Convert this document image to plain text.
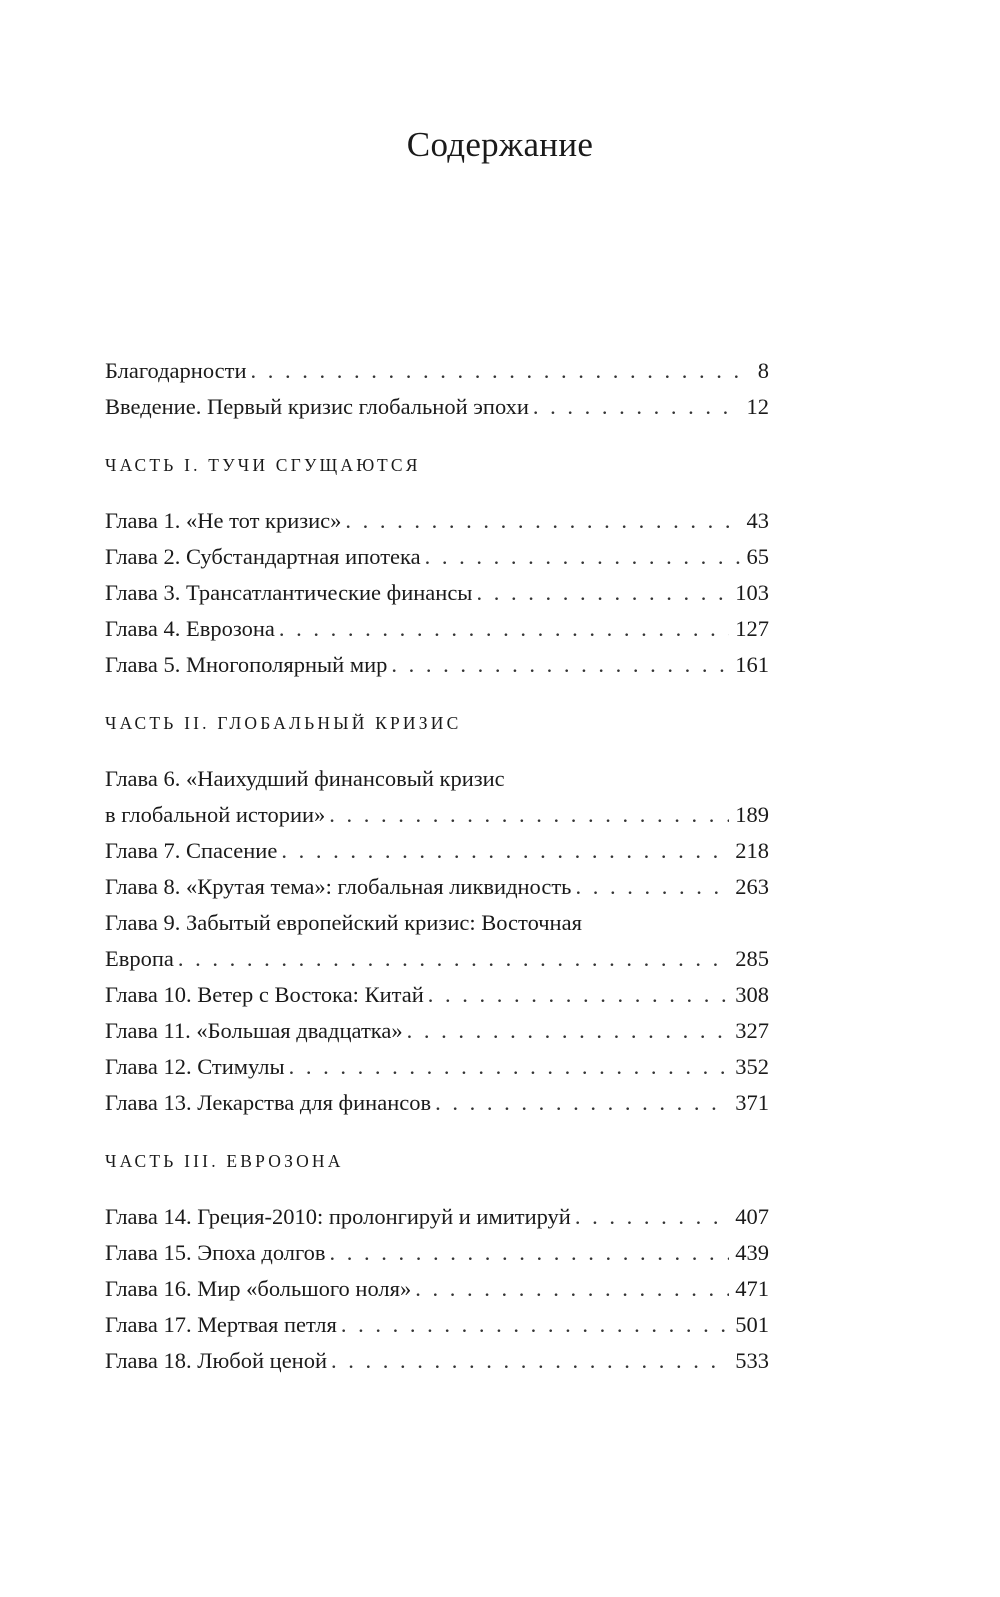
Содержание
Благодарности . . .	8
Введение. Первый кризис глобальной эпохи . . .	12
ЧАСТЬ I. ТУЧИ СГУЩАЮТСЯ
Глава 1. «Не тот кризис» . . .	43
Глава 2. Субстандартная ипотека . . .	65
Глава 3. Трансатлантические финансы . . .	103
Глава 4. Еврозона . . .	127
Глава 5. Многополярный мир . . .	161
ЧАСТЬ II. ГЛОБАЛЬНЫЙ КРИЗИС
Глава 6. «Наихудший финансовый кризис
в глобальной истории» . . .	189
Глава 7. Спасение . . .	218
Глава 8. «Крутая тема»: глобальная ликвидность . . .	263
Глава 9. Забытый европейский кризис: Восточная
Европа . . .	285
Глава 10. Ветер с Востока: Китай . . .	308
Глава 11. «Большая двадцатка» . . .	327
Глава 12. Стимулы . . .	352
Глава 13. Лекарства для финансов . . .	371
ЧАСТЬ III. ЕВРОЗОНА
Глава 14. Греция-2010: пролонгируй и имитируй . . .	407
Глава 15. Эпоха долгов . . .	439
Глава 16. Мир «большого ноля» . . .	471
Глава 17. Мертвая петля . . .	501
Глава 18. Любой ценой . . .	533
